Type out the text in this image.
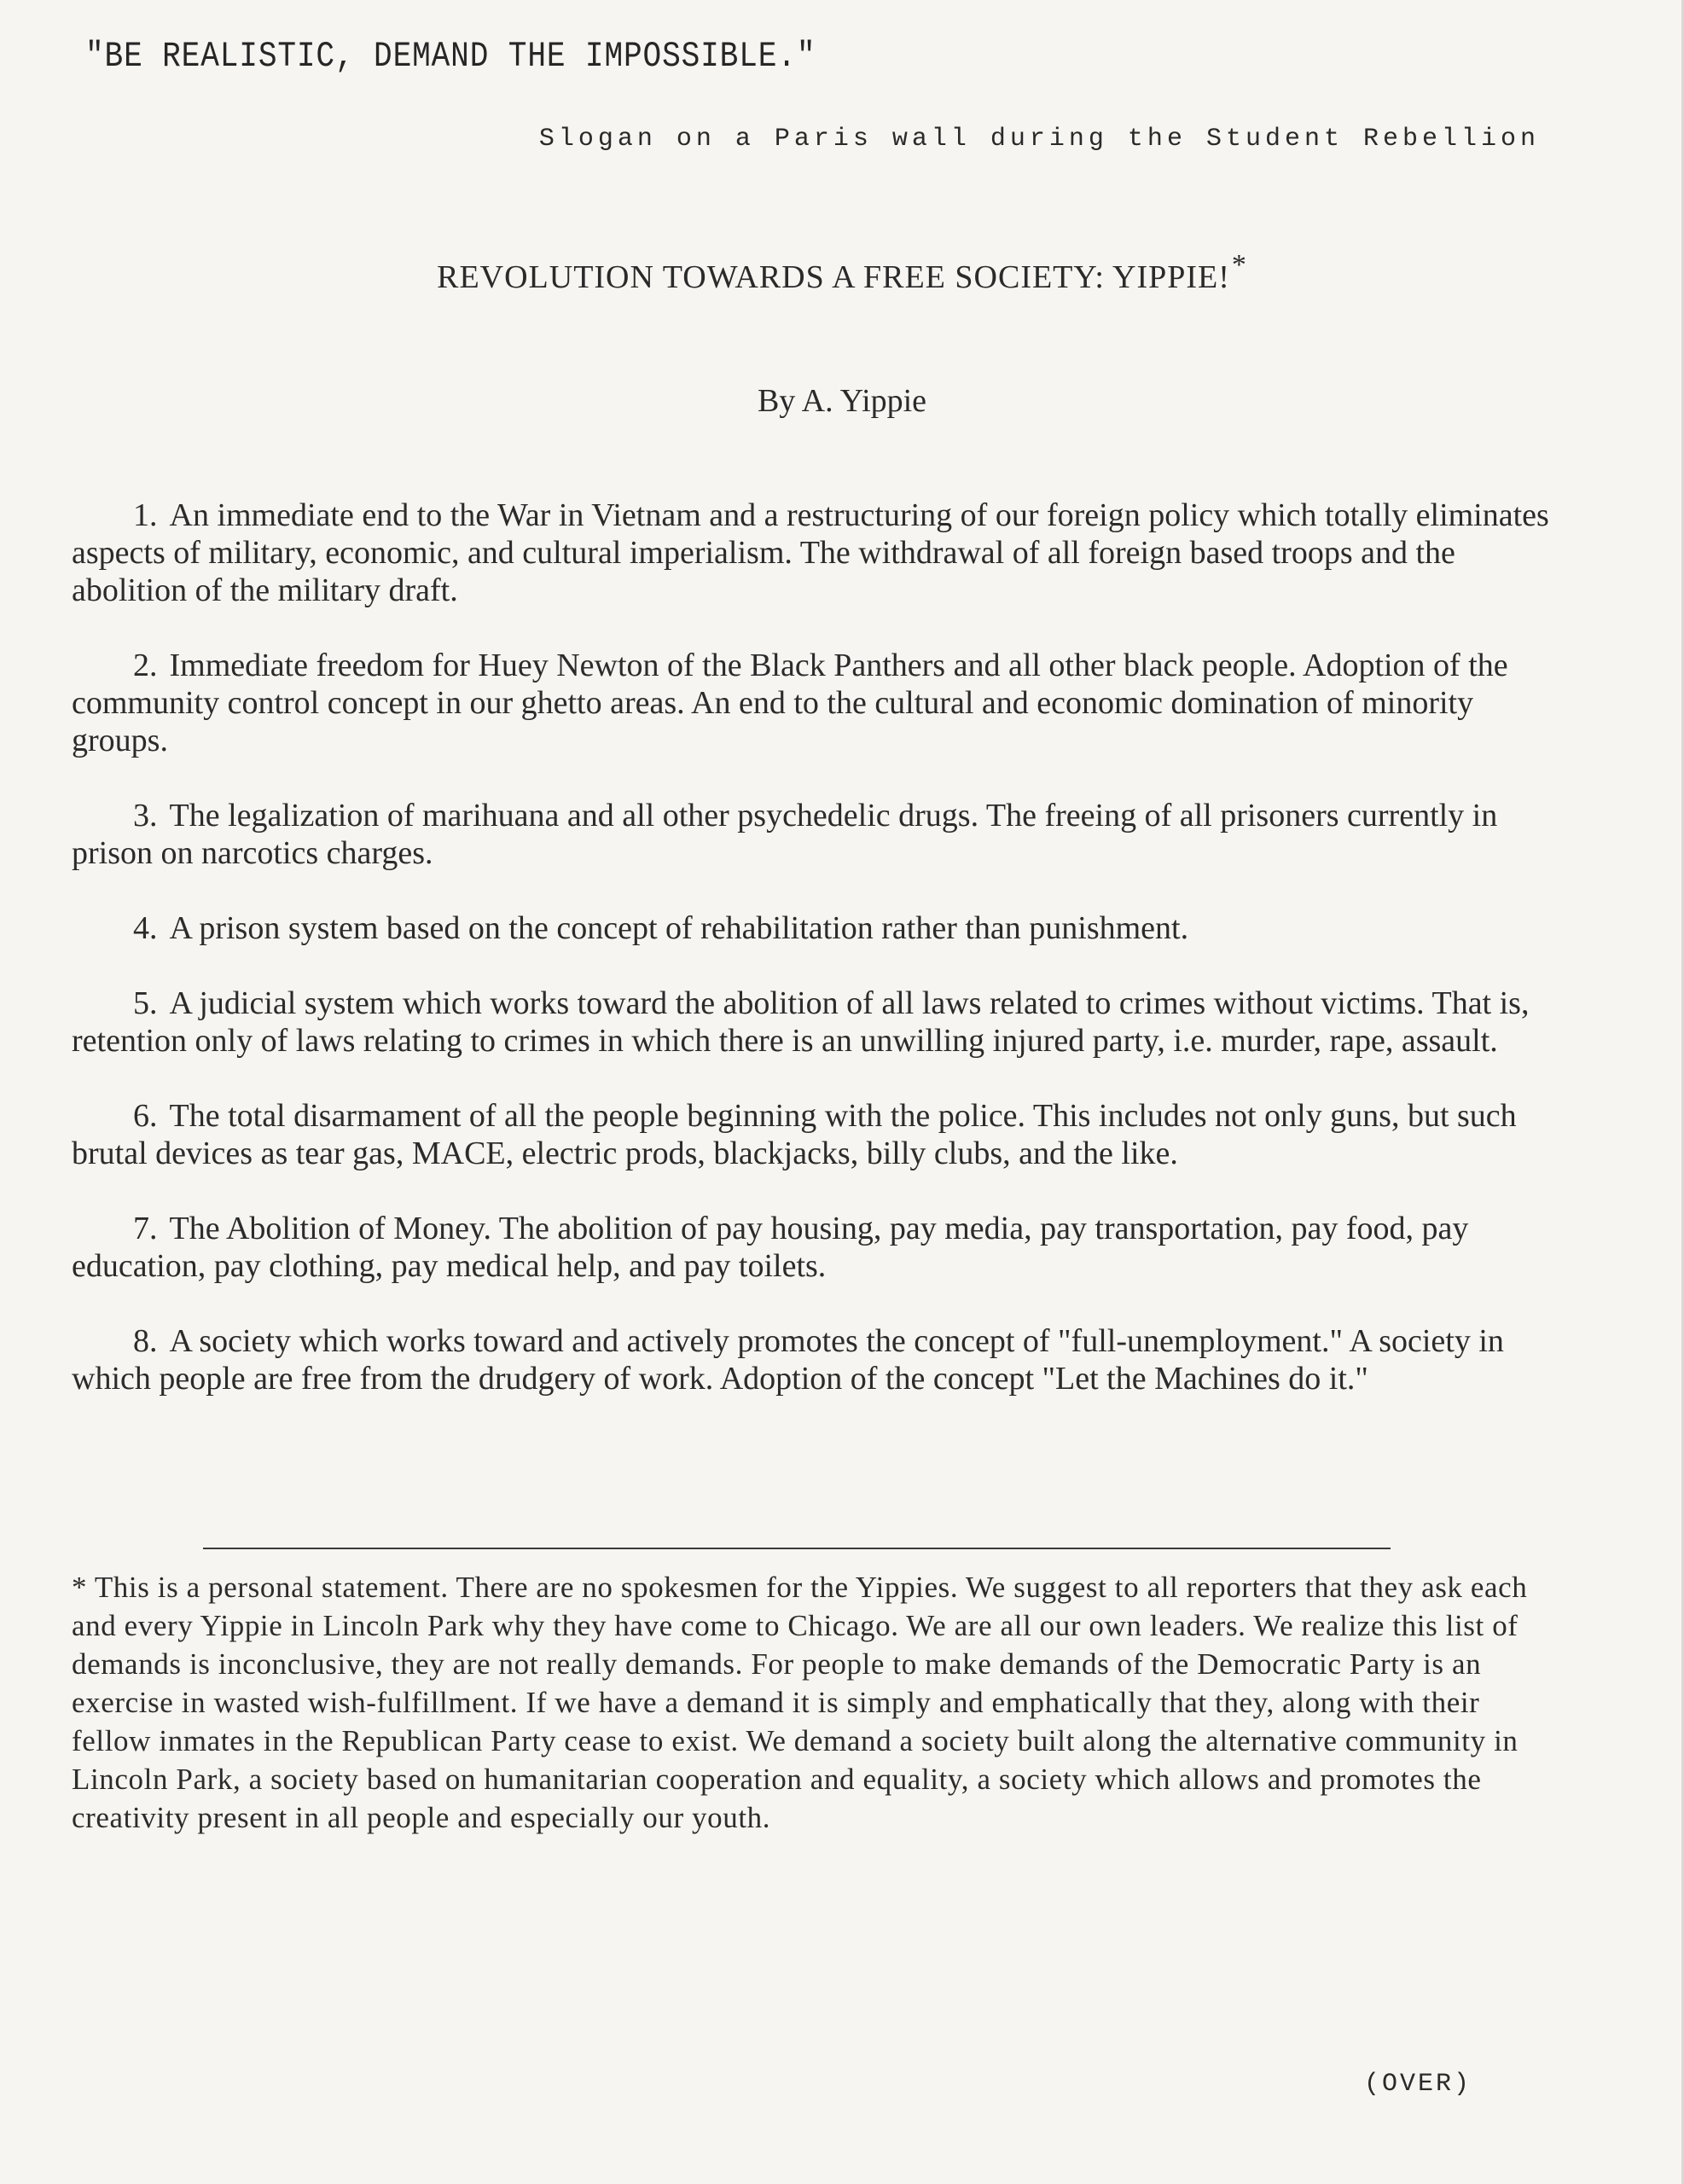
"BE REALISTIC, DEMAND THE IMPOSSIBLE."
Slogan on a Paris wall during the Student Rebellion
REVOLUTION TOWARDS A FREE SOCIETY: YIPPIE!*
By A. Yippie

1. An immediate end to the War in Vietnam and a restructuring of our foreign policy which totally eliminates aspects of military, economic, and cultural imperialism. The withdrawal of all foreign based troops and the abolition of the military draft.

2. Immediate freedom for Huey Newton of the Black Panthers and all other black people. Adoption of the community control concept in our ghetto areas. An end to the cultural and economic domination of minority groups.

3. The legalization of marihuana and all other psychedelic drugs. The freeing of all prisoners currently in prison on narcotics charges.

4. A prison system based on the concept of rehabilitation rather than punishment.

5. A judicial system which works toward the abolition of all laws related to crimes without victims. That is, retention only of laws relating to crimes in which there is an unwilling injured party, i.e. murder, rape, assault.

6. The total disarmament of all the people beginning with the police. This includes not only guns, but such brutal devices as tear gas, MACE, electric prods, blackjacks, billy clubs, and the like.

7. The Abolition of Money. The abolition of pay housing, pay media, pay transportation, pay food, pay education, pay clothing, pay medical help, and pay toilets.

8. A society which works toward and actively promotes the concept of "full-unemployment." A society in which people are free from the drudgery of work. Adoption of the concept "Let the Machines do it."

* This is a personal statement. There are no spokesmen for the Yippies. We suggest to all reporters that they ask each and every Yippie in Lincoln Park why they have come to Chicago. We are all our own leaders. We realize this list of demands is inconclusive, they are not really demands. For people to make demands of the Democratic Party is an exercise in wasted wish-fulfillment. If we have a demand it is simply and emphatically that they, along with their fellow inmates in the Republican Party cease to exist. We demand a society built along the alternative community in Lincoln Park, a society based on humanitarian cooperation and equality, a society which allows and promotes the creativity present in all people and especially our youth.
(OVER)
